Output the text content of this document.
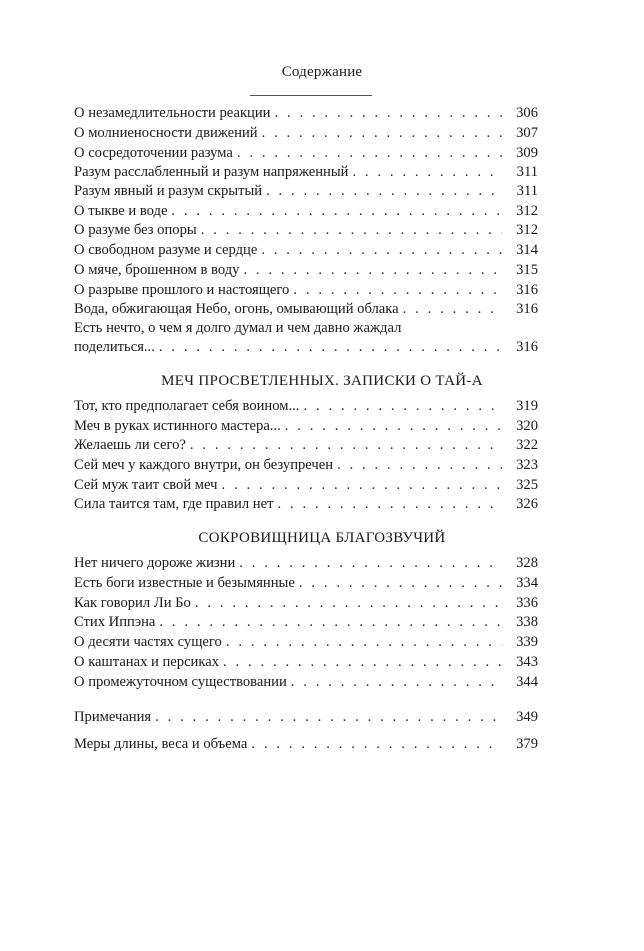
Содержание
О незамедлительности реакции . . .	306
О молниеносности движений . . .	307
О сосредоточении разума . . .	309
Разум расслабленный и разум напряженный . . .	311
Разум явный и разум скрытый . . .	311
О тыкве и воде . . .	312
О разуме без опоры . . .	312
О свободном разуме и сердце . . .	314
О мяче, брошенном в воду . . .	315
О разрыве прошлого и настоящего . . .	316
Вода, обжигающая Небо, огонь, омывающий облака . . .	316
Есть нечто, о чем я долго думал и чем давно жаждал
поделиться... . . .	316
Тот, кто предполагает себя воином... . . .	319
Меч в руках истинного мастера... . . .	320
Желаешь ли сего? . . .	322
Сей меч у каждого внутри, он безупречен . . .	323
Сей муж таит свой меч . . .	325
Сила таится там, где правил нет . . .	326
Нет ничего дороже жизни . . .	328
Есть боги известные и безымянные . . .	334
Как говорил Ли Бо . . .	336
Стих Иппэна . . .	338
О десяти частях сущего . . .	339
О каштанах и персиках . . .	343
О промежуточном существовании . . .	344
Примечания . . .	349
Меры длины, веса и объема . . .	379
МЕЧ ПРОСВЕТЛЕННЫХ. ЗАПИСКИ О ТАЙ-А
СОКРОВИЩНИЦА БЛАГОЗВУЧИЙ
